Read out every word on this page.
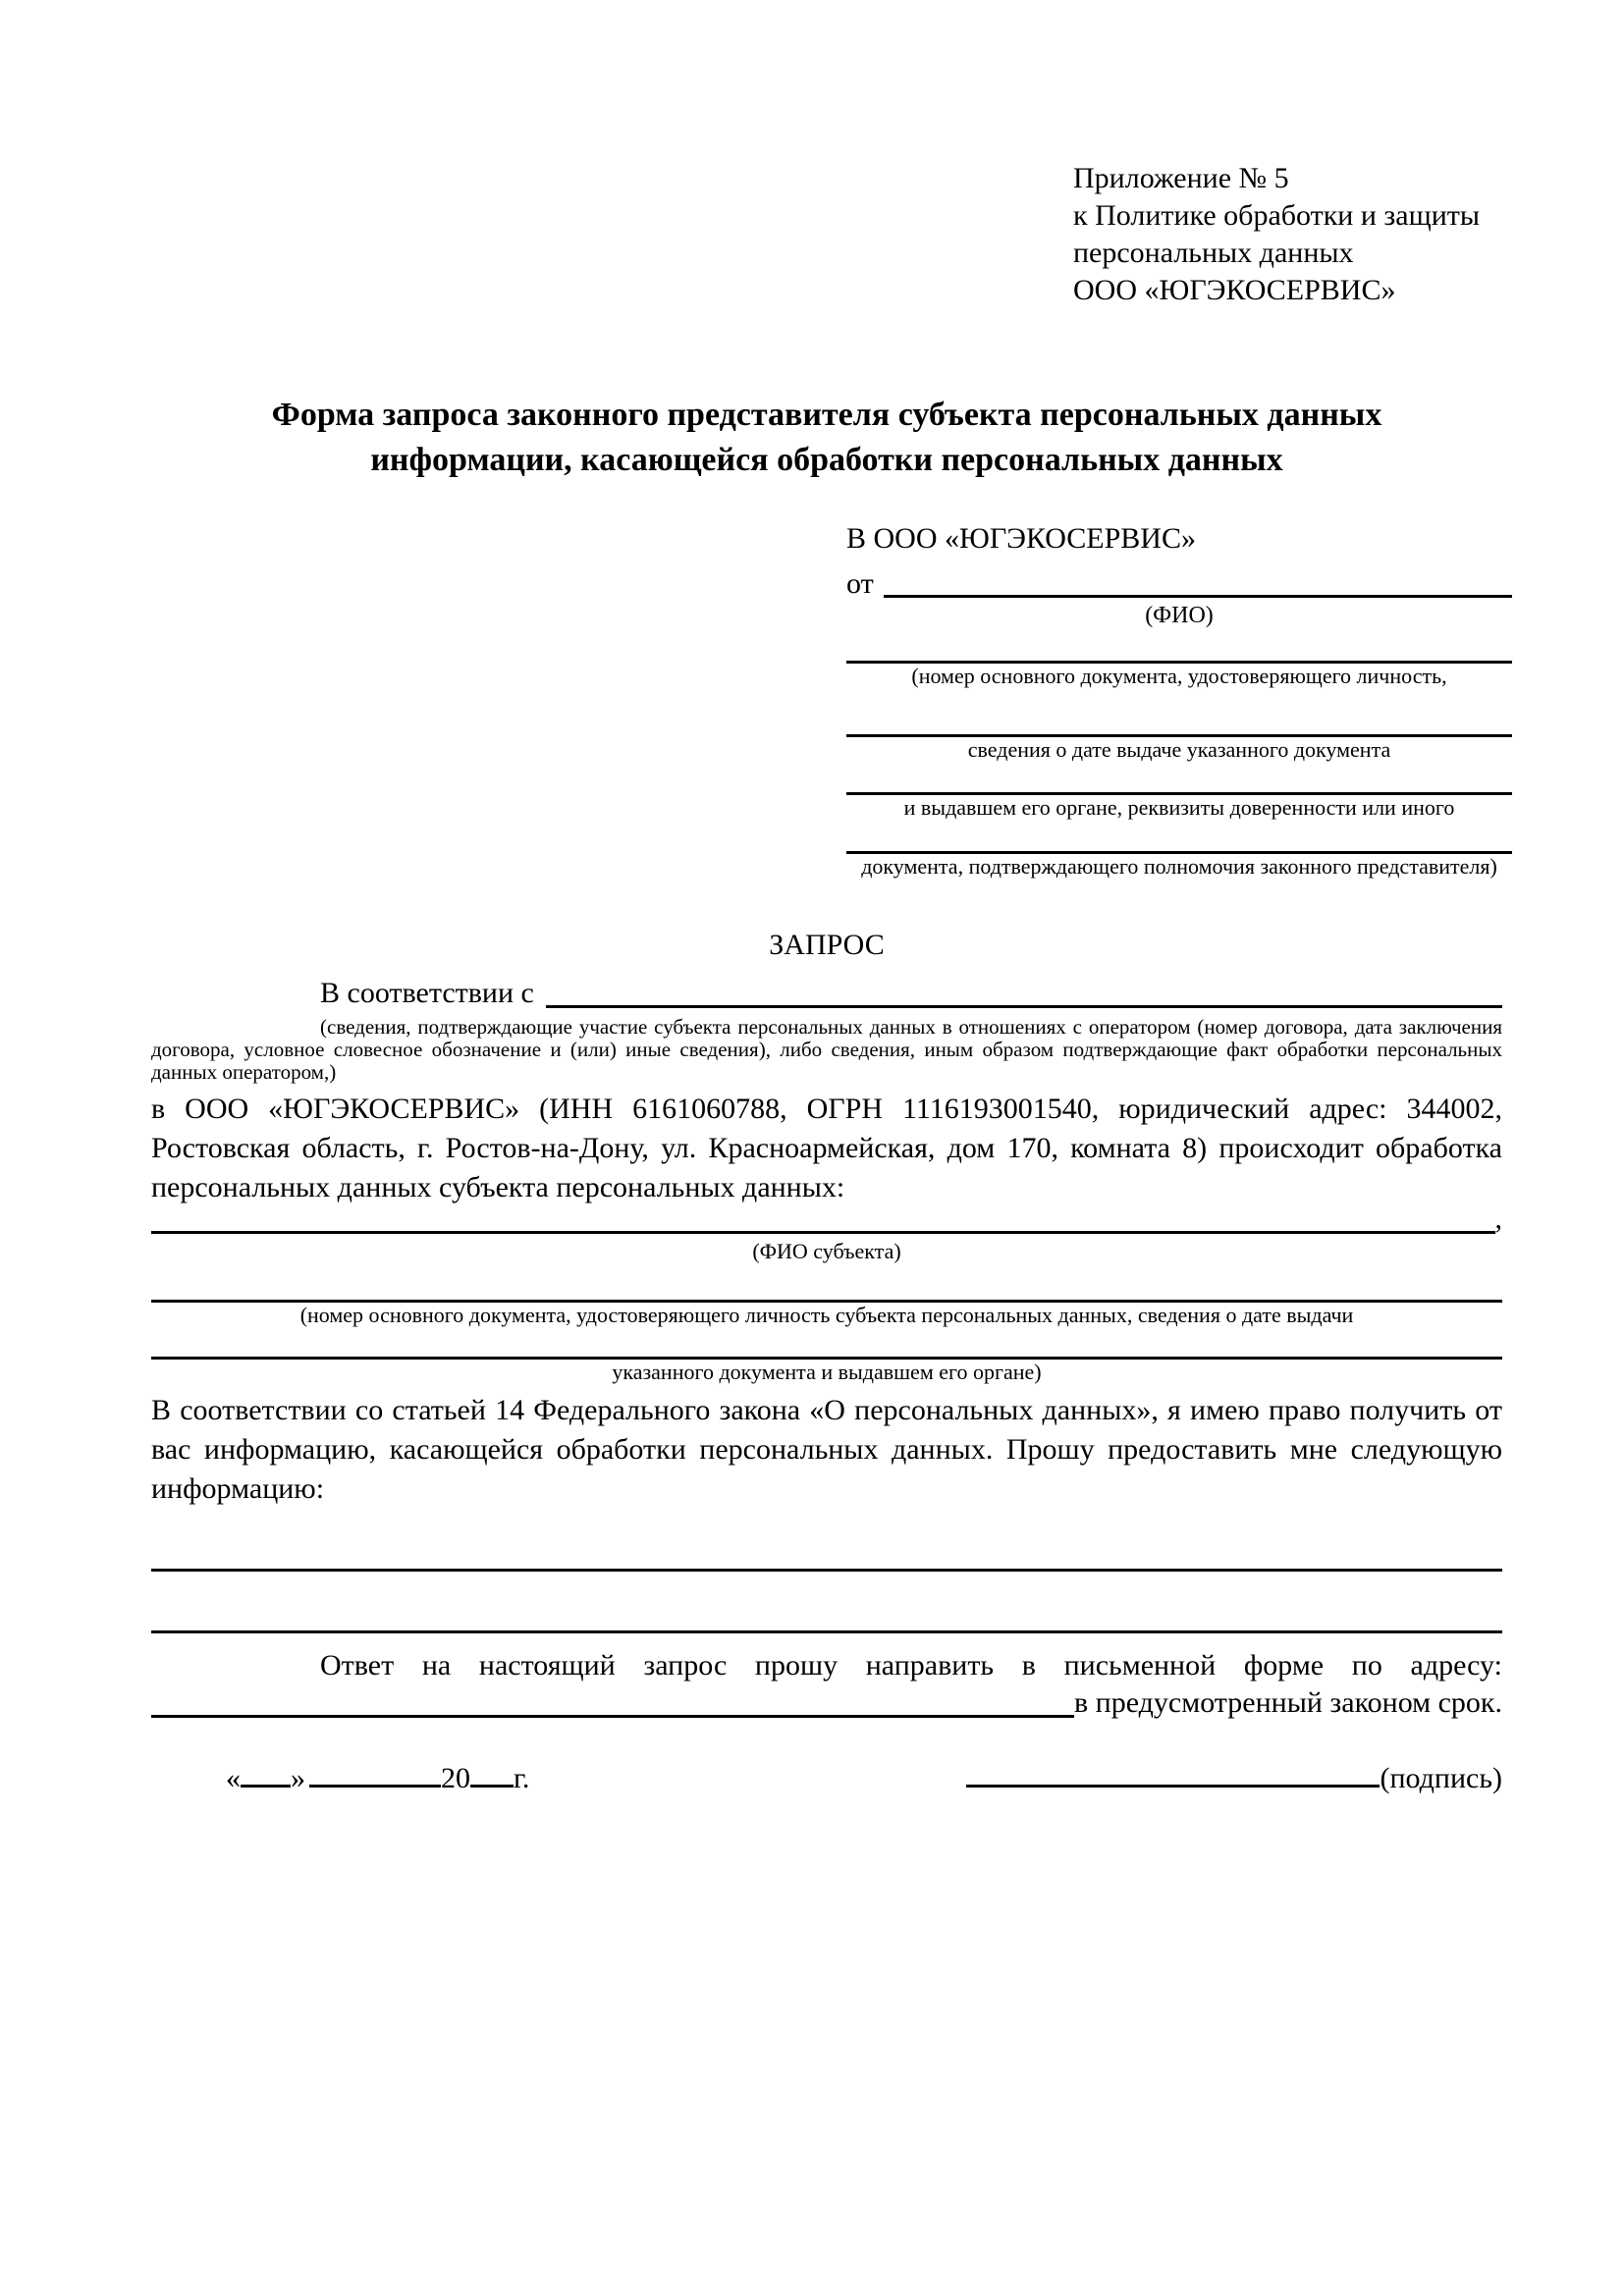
Приложение № 5
к Политике обработки и защиты
персональных данных
ООО «ЮГЭКОСЕРВИС»
Форма запроса законного представителя субъекта персональных данных
информации, касающейся обработки персональных данных
В ООО «ЮГЭКОСЕРВИС»
от
(ФИО)
(номер основного документа, удостоверяющего личность,
сведения о дате выдаче указанного документа
и выдавшем его органе, реквизиты доверенности или иного
документа, подтверждающего полномочия законного представителя)
ЗАПРОС
В соответствии с

(сведения, подтверждающие участие субъекта персональных данных в отношениях с оператором (номер договора, дата заключения договора, условное словесное обозначение и (или) иные сведения), либо сведения, иным образом подтверждающие факт обработки персональных данных оператором,)

в ООО «ЮГЭКОСЕРВИС» (ИНН 6161060788, ОГРН 1116193001540, юридический адрес: 344002, Ростовская область, г. Ростов-на-Дону, ул. Красноармейская, дом 170, комната 8) происходит обработка персональных данных субъекта персональных данных:

,
(ФИО субъекта)
(номер основного документа, удостоверяющего личность субъекта персональных данных, сведения о дате выдачи
указанного документа и выдавшем его органе)

В соответствии со статьей 14 Федерального закона «О персональных данных», я имею право получить от вас информацию, касающейся обработки персональных данных. Прошу предоставить мне следующую информацию:

Ответ на настоящий запрос прошу направить в письменной форме по адресу:
в предусмотренный законом срок.
« »	20 г.	(подпись)
